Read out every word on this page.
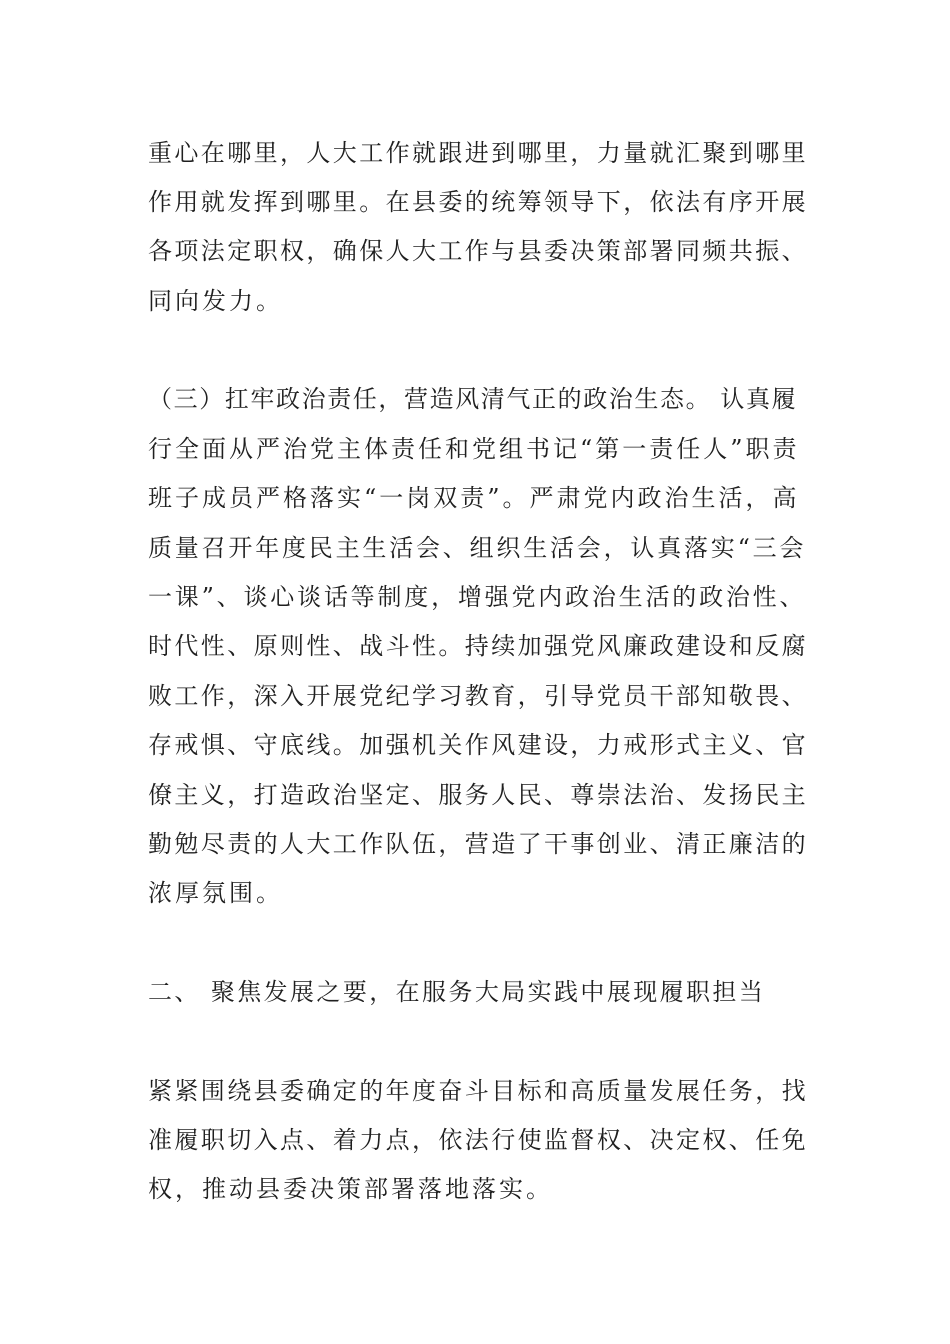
重心在哪里，人大工作就跟进到哪里，力量就汇聚到哪里
作用就发挥到哪里。在县委的统筹领导下，依法有序开展
各项法定职权，确保人大工作与县委决策部署同频共振、
同向发力。
（三）扛牢政治责任，营造风清气正的政治生态。 认真履
行全面从严治党主体责任和党组书记“第一责任人”职责
班子成员严格落实“一岗双责”。严肃党内政治生活，高
质量召开年度民主生活会、组织生活会，认真落实“三会
一课”、谈心谈话等制度，增强党内政治生活的政治性、
时代性、原则性、战斗性。持续加强党风廉政建设和反腐
败工作，深入开展党纪学习教育，引导党员干部知敬畏、
存戒惧、守底线。加强机关作风建设，力戒形式主义、官
僚主义，打造政治坚定、服务人民、尊崇法治、发扬民主
勤勉尽责的人大工作队伍，营造了干事创业、清正廉洁的
浓厚氛围。
二、 聚焦发展之要，在服务大局实践中展现履职担当
紧紧围绕县委确定的年度奋斗目标和高质量发展任务，找
准履职切入点、着力点，依法行使监督权、决定权、任免
权，推动县委决策部署落地落实。
